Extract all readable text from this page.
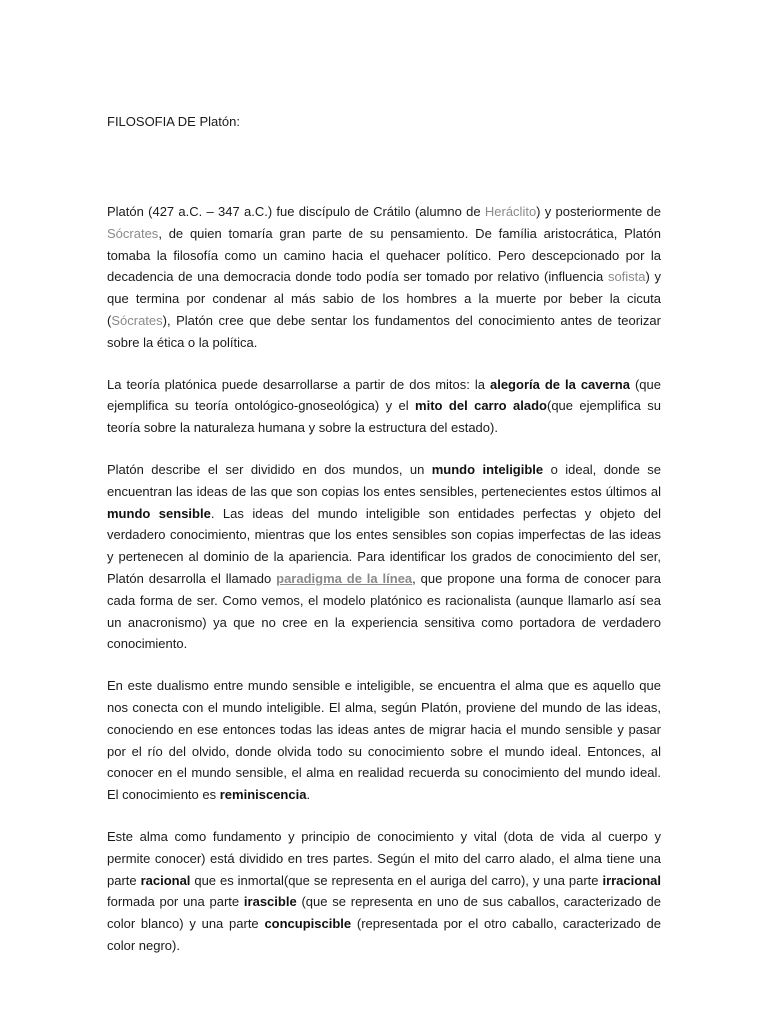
FILOSOFIA DE Platón:

Platón (427 a.C. – 347 a.C.) fue discípulo de Crátilo (alumno de Heráclito) y posteriormente de Sócrates, de quien tomaría gran parte de su pensamiento. De família aristocrática, Platón tomaba la filosofía como un camino hacia el quehacer político. Pero descepcionado por la decadencia de una democracia donde todo podía ser tomado por relativo (influencia sofista) y que termina por condenar al más sabio de los hombres a la muerte por beber la cicuta (Sócrates), Platón cree que debe sentar los fundamentos del conocimiento antes de teorizar sobre la ética o la política.

La teoría platónica puede desarrollarse a partir de dos mitos: la alegoría de la caverna (que ejemplifica su teoría ontológico-gnoseológica) y el mito del carro alado(que ejemplifica su teoría sobre la naturaleza humana y sobre la estructura del estado).

Platón describe el ser dividido en dos mundos, un mundo inteligible o ideal, donde se encuentran las ideas de las que son copias los entes sensibles, pertenecientes estos últimos al mundo sensible. Las ideas del mundo inteligible son entidades perfectas y objeto del verdadero conocimiento, mientras que los entes sensibles son copias imperfectas de las ideas y pertenecen al dominio de la apariencia. Para identificar los grados de conocimiento del ser, Platón desarrolla el llamado paradigma de la línea, que propone una forma de conocer para cada forma de ser. Como vemos, el modelo platónico es racionalista (aunque llamarlo así sea un anacronismo) ya que no cree en la experiencia sensitiva como portadora de verdadero conocimiento.

En este dualismo entre mundo sensible e inteligible, se encuentra el alma que es aquello que nos conecta con el mundo inteligible. El alma, según Platón, proviene del mundo de las ideas, conociendo en ese entonces todas las ideas antes de migrar hacia el mundo sensible y pasar por el río del olvido, donde olvida todo su conocimiento sobre el mundo ideal. Entonces, al conocer en el mundo sensible, el alma en realidad recuerda su conocimiento del mundo ideal. El conocimiento es reminiscencia.

Este alma como fundamento y principio de conocimiento y vital (dota de vida al cuerpo y permite conocer) está dividido en tres partes. Según el mito del carro alado, el alma tiene una parte racional que es inmortal(que se representa en el auriga del carro), y una parte irracional formada por una parte irascible (que se representa en uno de sus caballos, caracterizado de color blanco) y una parte concupiscible (representada por el otro caballo, caracterizado de color negro).
